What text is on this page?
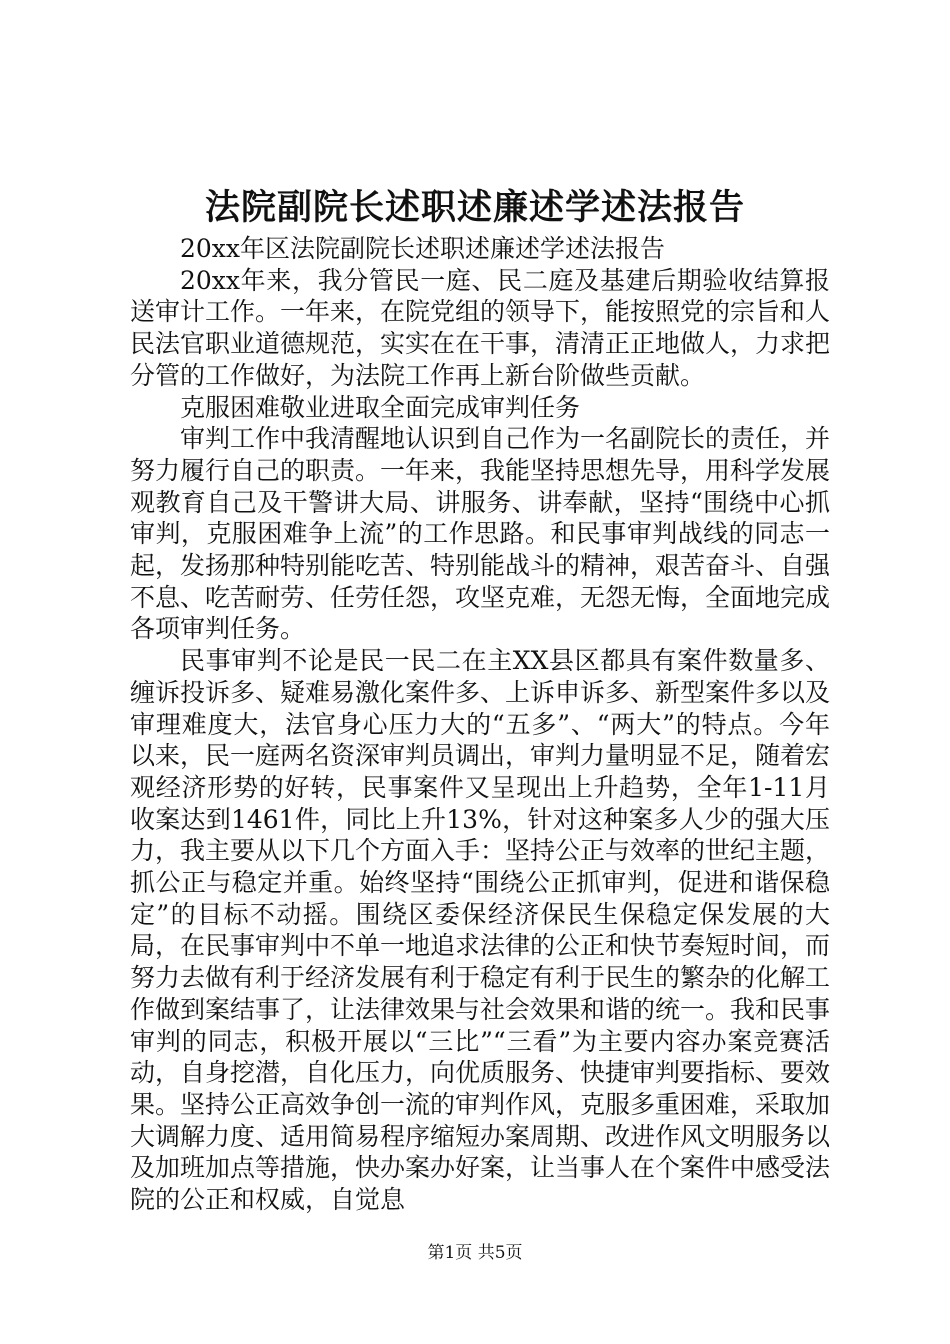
法院副院长述职述廉述学述法报告

20xx年区法院副院长述职述廉述学述法报告

20xx年来，我分管民一庭、民二庭及基建后期验收结算报送审计工作。一年来，在院党组的领导下，能按照党的宗旨和人民法官职业道德规范，实实在在干事，清清正正地做人，力求把分管的工作做好，为法院工作再上新台阶做些贡献。

克服困难敬业进取全面完成审判任务

审判工作中我清醒地认识到自己作为一名副院长的责任，并努力履行自己的职责。一年来，我能坚持思想先导，用科学发展观教育自己及干警讲大局、讲服务、讲奉献，坚持“围绕中心抓审判，克服困难争上流”的工作思路。和民事审判战线的同志一起，发扬那种特别能吃苦、特别能战斗的精神，艰苦奋斗、自强不息、吃苦耐劳、任劳任怨，攻坚克难，无怨无悔，全面地完成各项审判任务。

民事审判不论是民一民二在主XX县区都具有案件数量多、缠诉投诉多、疑难易激化案件多、上诉申诉多、新型案件多以及审理难度大，法官身心压力大的“五多”、“两大”的特点。今年以来，民一庭两名资深审判员调出，审判力量明显不足，随着宏观经济形势的好转，民事案件又呈现出上升趋势，全年1-11月收案达到1461件，同比上升13%，针对这种案多人少的强大压力，我主要从以下几个方面入手：坚持公正与效率的世纪主题，抓公正与稳定并重。始终坚持“围绕公正抓审判，促进和谐保稳定”的目标不动摇。围绕区委保经济保民生保稳定保发展的大局，在民事审判中不单一地追求法律的公正和快节奏短时间，而努力去做有利于经济发展有利于稳定有利于民生的繁杂的化解工作做到案结事了，让法律效果与社会效果和谐的统一。我和民事审判的同志，积极开展以“三比”“三看”为主要内容办案竞赛活动，自身挖潜，自化压力，向优质服务、快捷审判要指标、要效果。坚持公正高效争创一流的审判作风，克服多重困难，采取加大调解力度、适用简易程序缩短办案周期、改进作风文明服务以及加班加点等措施，快办案办好案，让当事人在个案件中感受法院的公正和权威，自觉息

第1页 共5页
